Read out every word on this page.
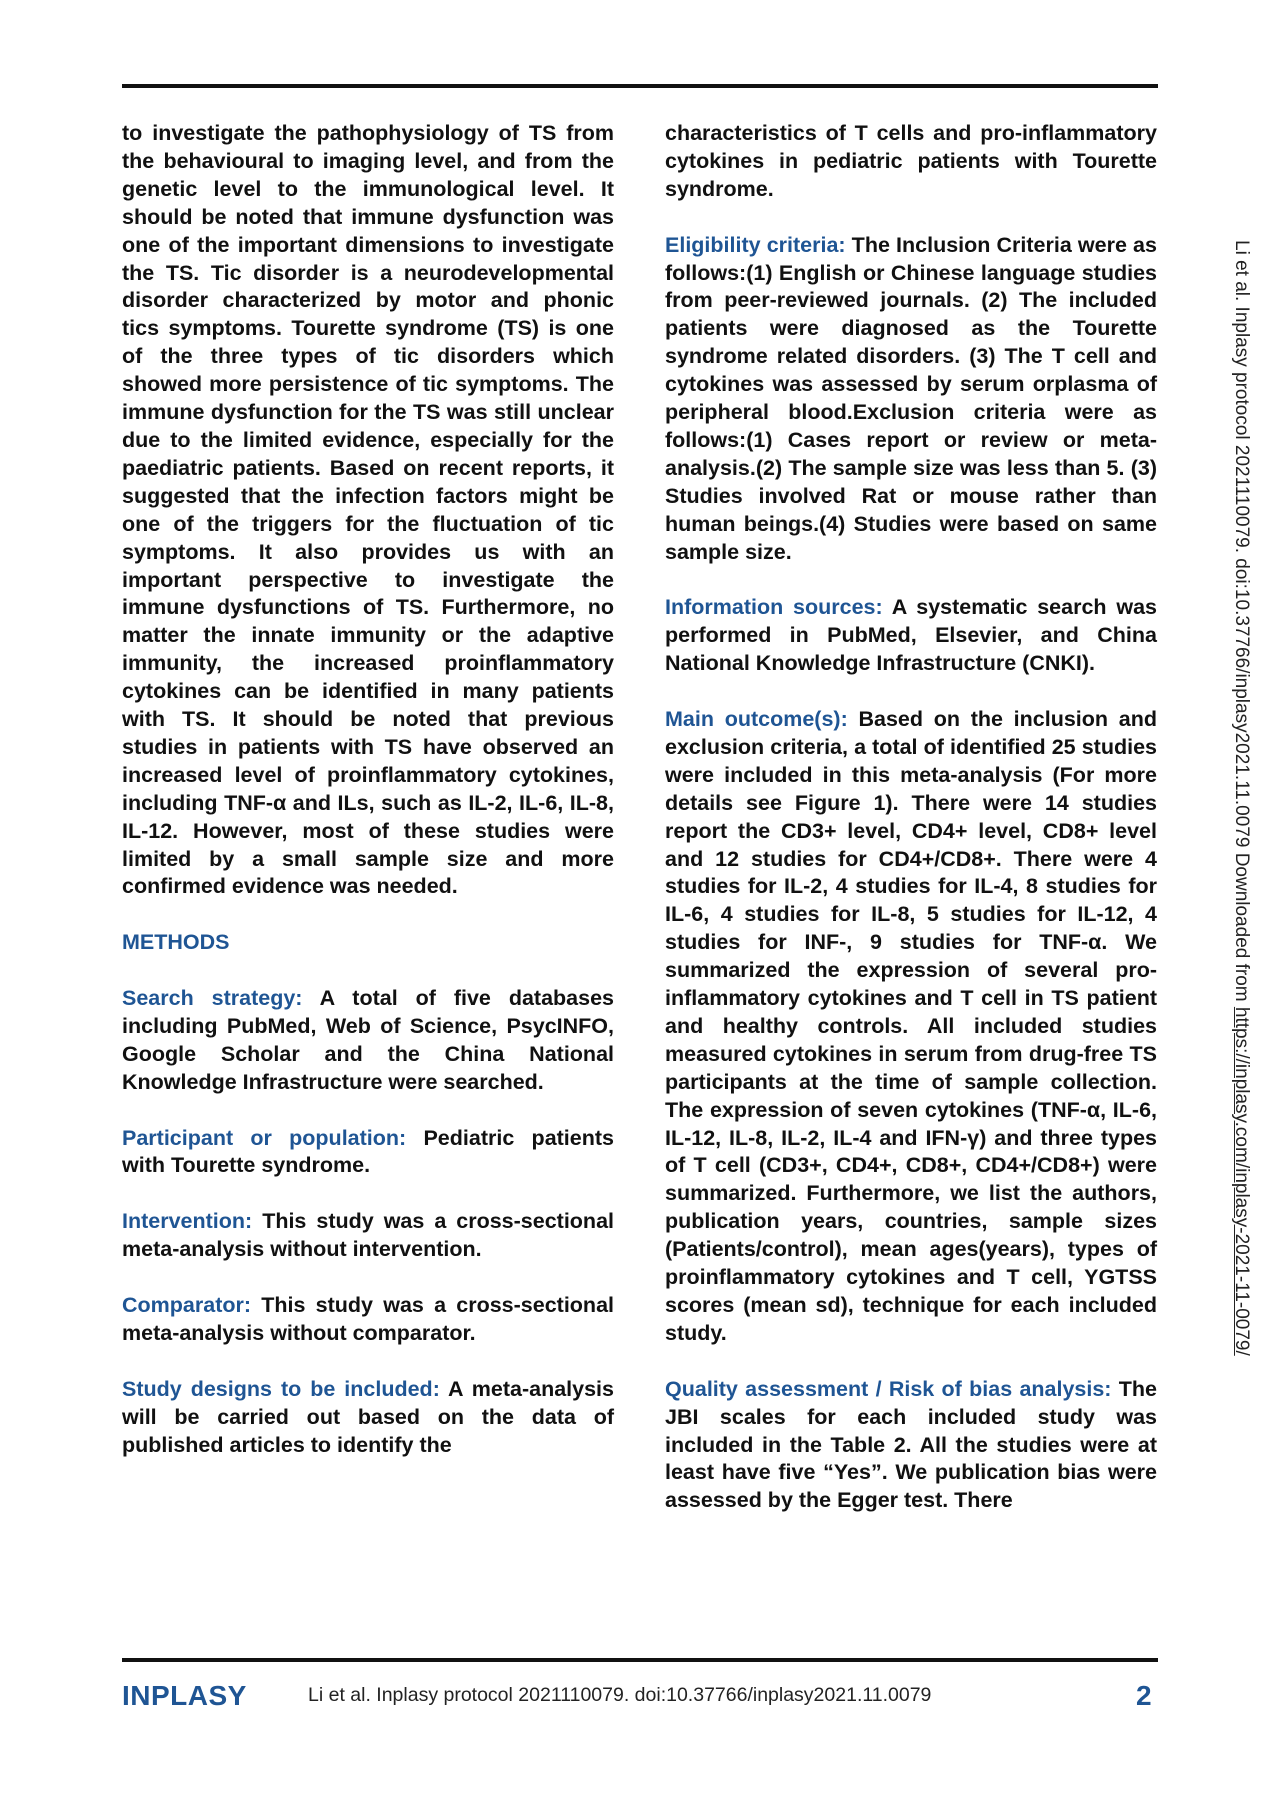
to investigate the pathophysiology of TS from the behavioural to imaging level, and from the genetic level to the immunological level. It should be noted that immune dysfunction was one of the important dimensions to investigate the TS. Tic disorder is a neurodevelopmental disorder characterized by motor and phonic tics symptoms. Tourette syndrome (TS) is one of the three types of tic disorders which showed more persistence of tic symptoms. The immune dysfunction for the TS was still unclear due to the limited evidence, especially for the paediatric patients. Based on recent reports, it suggested that the infection factors might be one of the triggers for the fluctuation of tic symptoms. It also provides us with an important perspective to investigate the immune dysfunctions of TS. Furthermore, no matter the innate immunity or the adaptive immunity, the increased proinflammatory cytokines can be identified in many patients with TS. It should be noted that previous studies in patients with TS have observed an increased level of proinflammatory cytokines, including TNF-α and ILs, such as IL-2, IL-6, IL-8, IL-12. However, most of these studies were limited by a small sample size and more confirmed evidence was needed.

METHODS

Search strategy: A total of five databases including PubMed, Web of Science, PsycINFO, Google Scholar and the China National Knowledge Infrastructure were searched.

Participant or population: Pediatric patients with Tourette syndrome.

Intervention: This study was a cross-sectional meta-analysis without intervention.

Comparator: This study was a cross-sectional meta-analysis without comparator.

Study designs to be included: A meta-analysis will be carried out based on the data of published articles to identify the

characteristics of T cells and pro-inflammatory cytokines in pediatric patients with Tourette syndrome.

Eligibility criteria: The Inclusion Criteria were as follows:(1) English or Chinese language studies from peer-reviewed journals. (2) The included patients were diagnosed as the Tourette syndrome related disorders. (3) The T cell and cytokines was assessed by serum orplasma of peripheral blood.Exclusion criteria were as follows:(1) Cases report or review or meta-analysis.(2) The sample size was less than 5. (3) Studies involved Rat or mouse rather than human beings.(4) Studies were based on same sample size.

Information sources: A systematic search was performed in PubMed, Elsevier, and China National Knowledge Infrastructure (CNKI).

Main outcome(s): Based on the inclusion and exclusion criteria, a total of identified 25 studies were included in this meta-analysis (For more details see Figure 1). There were 14 studies report the CD3+ level, CD4+ level, CD8+ level and 12 studies for CD4+/CD8+. There were 4 studies for IL-2, 4 studies for IL-4, 8 studies for IL-6, 4 studies for IL-8, 5 studies for IL-12, 4 studies for INF-, 9 studies for TNF-α. We summarized the expression of several pro-inflammatory cytokines and T cell in TS patient and healthy controls. All included studies measured cytokines in serum from drug-free TS participants at the time of sample collection. The expression of seven cytokines (TNF-α, IL-6, IL-12, IL-8, IL-2, IL-4 and IFN-γ) and three types of T cell (CD3+, CD4+, CD8+, CD4+/CD8+) were summarized. Furthermore, we list the authors, publication years, countries, sample sizes (Patients/control), mean ages(years), types of proinflammatory cytokines and T cell, YGTSS scores (mean sd), technique for each included study.

Quality assessment / Risk of bias analysis: The JBI scales for each included study was included in the Table 2. All the studies were at least have five “Yes”. We publication bias were assessed by the Egger test. There

Li et al. Inplasy protocol 202111007​9. doi:10.37766/inplasy2021.11.0079 Downloaded from https://inplasy.com/inplasy-2021-11-0079/
INPLASY	Li et al. Inplasy protocol 2021110079. doi:10.37766/inplasy2021.11.0079	2
